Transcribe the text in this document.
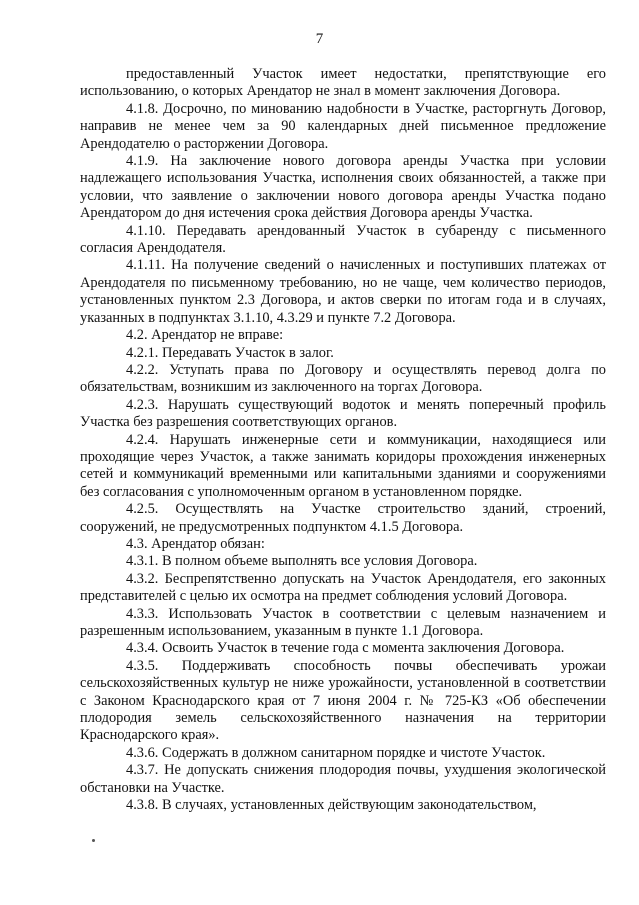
7

предоставленный Участок имеет недостатки, препятствующие его использованию, о которых Арендатор не знал в момент заключения Договора.

4.1.8. Досрочно, по минованию надобности в Участке, расторгнуть Договор, направив не менее чем за 90 календарных дней письменное предложение Арендодателю о расторжении Договора.

4.1.9. На заключение нового договора аренды Участка при условии надлежащего использования Участка, исполнения своих обязанностей, а также при условии, что заявление о заключении нового договора аренды Участка подано Арендатором до дня истечения срока действия Договора аренды Участка.

4.1.10. Передавать арендованный Участок в субаренду с письменного согласия Арендодателя.

4.1.11. На получение сведений о начисленных и поступивших платежах от Арендодателя по письменному требованию, но не чаще, чем количество периодов, установленных пунктом 2.3 Договора, и актов сверки по итогам года и в случаях, указанных в подпунктах 3.1.10, 4.3.29 и пункте 7.2 Договора.

4.2. Арендатор не вправе:

4.2.1. Передавать Участок в залог.

4.2.2. Уступать права по Договору и осуществлять перевод долга по обязательствам, возникшим из заключенного на торгах Договора.

4.2.3. Нарушать существующий водоток и менять поперечный профиль Участка без разрешения соответствующих органов.

4.2.4. Нарушать инженерные сети и коммуникации, находящиеся или проходящие через Участок, а также занимать коридоры прохождения инженерных сетей и коммуникаций временными или капитальными зданиями и сооружениями без согласования с уполномоченным органом в установленном порядке.

4.2.5. Осуществлять на Участке строительство зданий, строений, сооружений, не предусмотренных подпунктом 4.1.5 Договора.

4.3. Арендатор обязан:

4.3.1. В полном объеме выполнять все условия Договора.

4.3.2. Беспрепятственно допускать на Участок Арендодателя, его законных представителей с целью их осмотра на предмет соблюдения условий Договора.

4.3.3. Использовать Участок в соответствии с целевым назначением и разрешенным использованием, указанным в пункте 1.1 Договора.

4.3.4. Освоить Участок в течение года с момента заключения Договора.

4.3.5. Поддерживать способность почвы обеспечивать урожаи сельскохозяйственных культур не ниже урожайности, установленной в соответствии с Законом Краснодарского края от 7 июня 2004 г. № 725-КЗ «Об обеспечении плодородия земель сельскохозяйственного назначения на территории Краснодарского края».

4.3.6. Содержать в должном санитарном порядке и чистоте Участок.

4.3.7. Не допускать снижения плодородия почвы, ухудшения экологической обстановки на Участке.

4.3.8. В случаях, установленных действующим законодательством,
